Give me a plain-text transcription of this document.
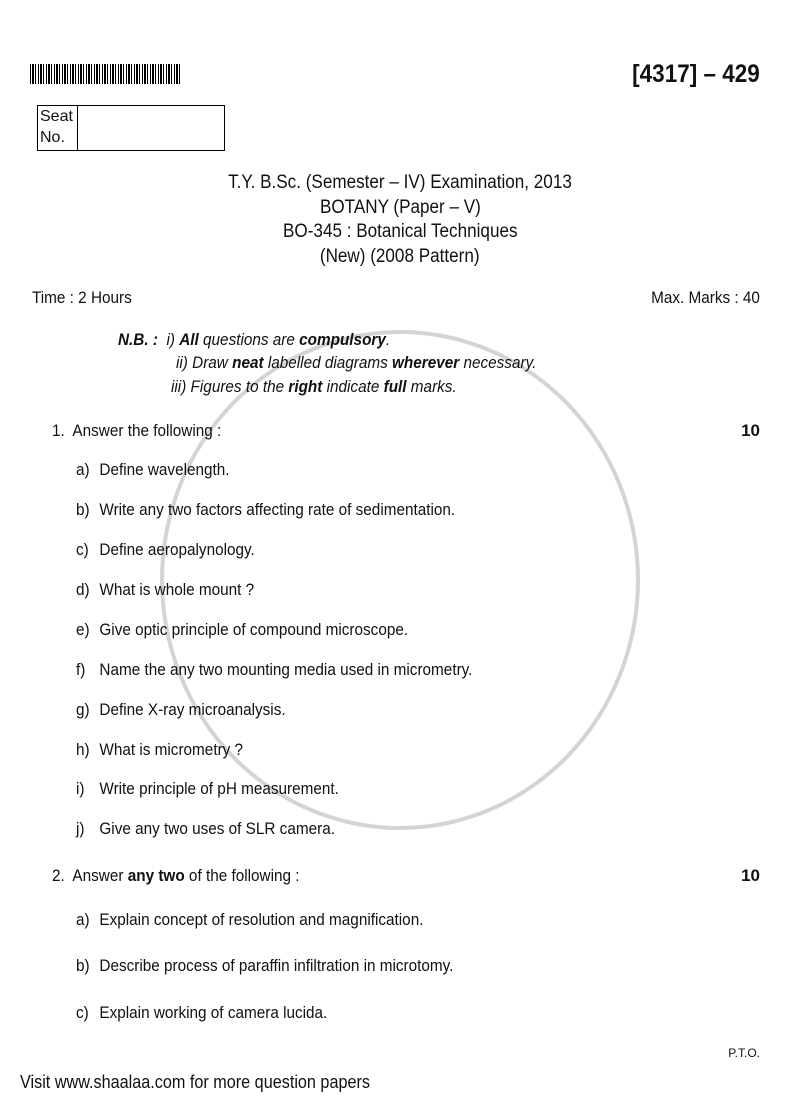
[4317] – 429
Seat
No.
T.Y. B.Sc. (Semester – IV) Examination, 2013
BOTANY (Paper – V)
BO-345 : Botanical Techniques
(New) (2008 Pattern)
Time : 2 Hours	Max. Marks : 40
N.B. : i) All questions are compulsory.
ii) Draw neat labelled diagrams wherever necessary.
iii) Figures to the right indicate full marks.
1. Answer the following :	10
a) Define wavelength.
b) Write any two factors affecting rate of sedimentation.
c) Define aeropalynology.
d) What is whole mount ?
e) Give optic principle of compound microscope.
f) Name the any two mounting media used in micrometry.
g) Define X-ray microanalysis.
h) What is micrometry ?
i) Write principle of pH measurement.
j) Give any two uses of SLR camera.
2. Answer any two of the following :	10
a) Explain concept of resolution and magnification.
b) Describe process of paraffin infiltration in microtomy.
c) Explain working of camera lucida.
P.T.O.
Visit www.shaalaa.com for more question papers
